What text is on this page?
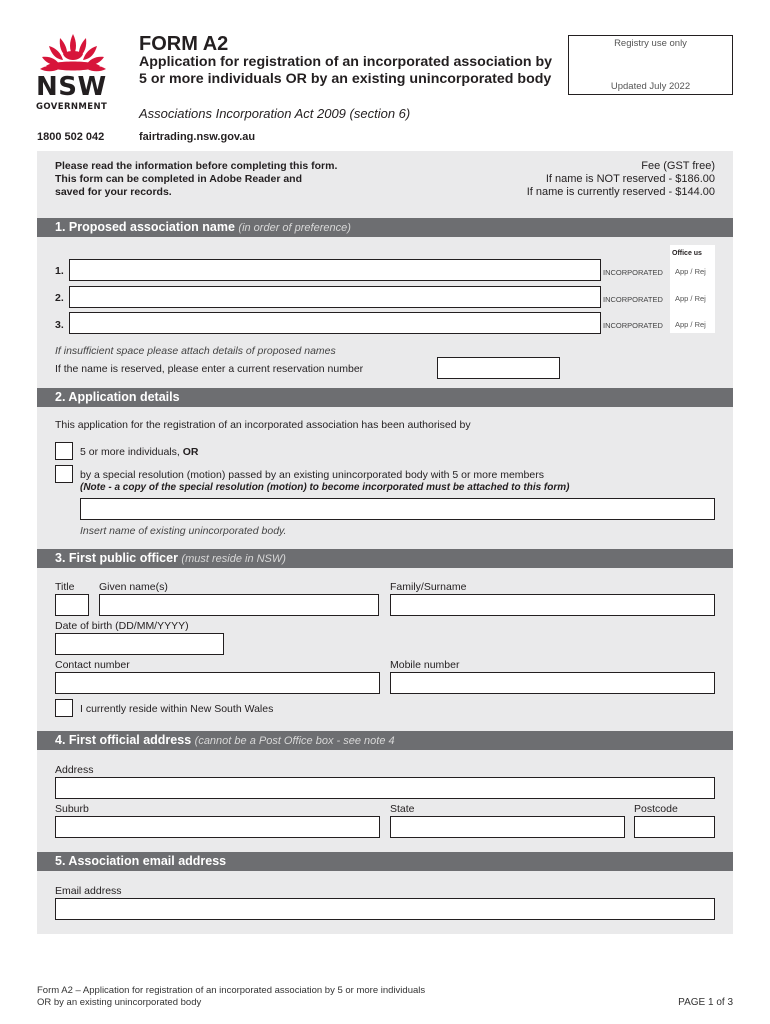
NSW
GOVERNMENT
FORM A2
Application for registration of an incorporated association by 5 or more individuals OR by an existing unincorporated body
Associations Incorporation Act 2009 (section 6)
1800 502 042	fairtrading.nsw.gov.au
Registry use only
Updated July 2022
Please read the information before completing this form.
This form can be completed in Adobe Reader and
saved for your records.
Fee (GST free)
If name is NOT reserved - $186.00
If name is currently reserved - $144.00
1. Proposed association name (in order of preference)
Office us
1.	INCORPORATED App / Rej
2.	INCORPORATED App / Rej
3.	INCORPORATED App / Rej
If insufficient space please attach details of proposed names
If the name is reserved, please enter a current reservation number
2. Application details
This application for the registration of an incorporated association has been authorised by
5 or more individuals, OR
by a special resolution (motion) passed by an existing unincorporated body with 5 or more members
(Note - a copy of the special resolution (motion) to become incorporated must be attached to this form)
Insert name of existing unincorporated body.
3. First public officer (must reside in NSW)
Title Given name(s)	Family/Surname
Date of birth (DD/MM/YYYY)
Contact number	Mobile number
I currently reside within New South Wales
4. First official address (cannot be a Post Office box - see note 4
Address
Suburb	State	Postcode
5. Association email address
Email address
Form A2 – Application for registration of an incorporated association by 5 or more individuals
OR by an existing unincorporated body	PAGE 1 of 3
